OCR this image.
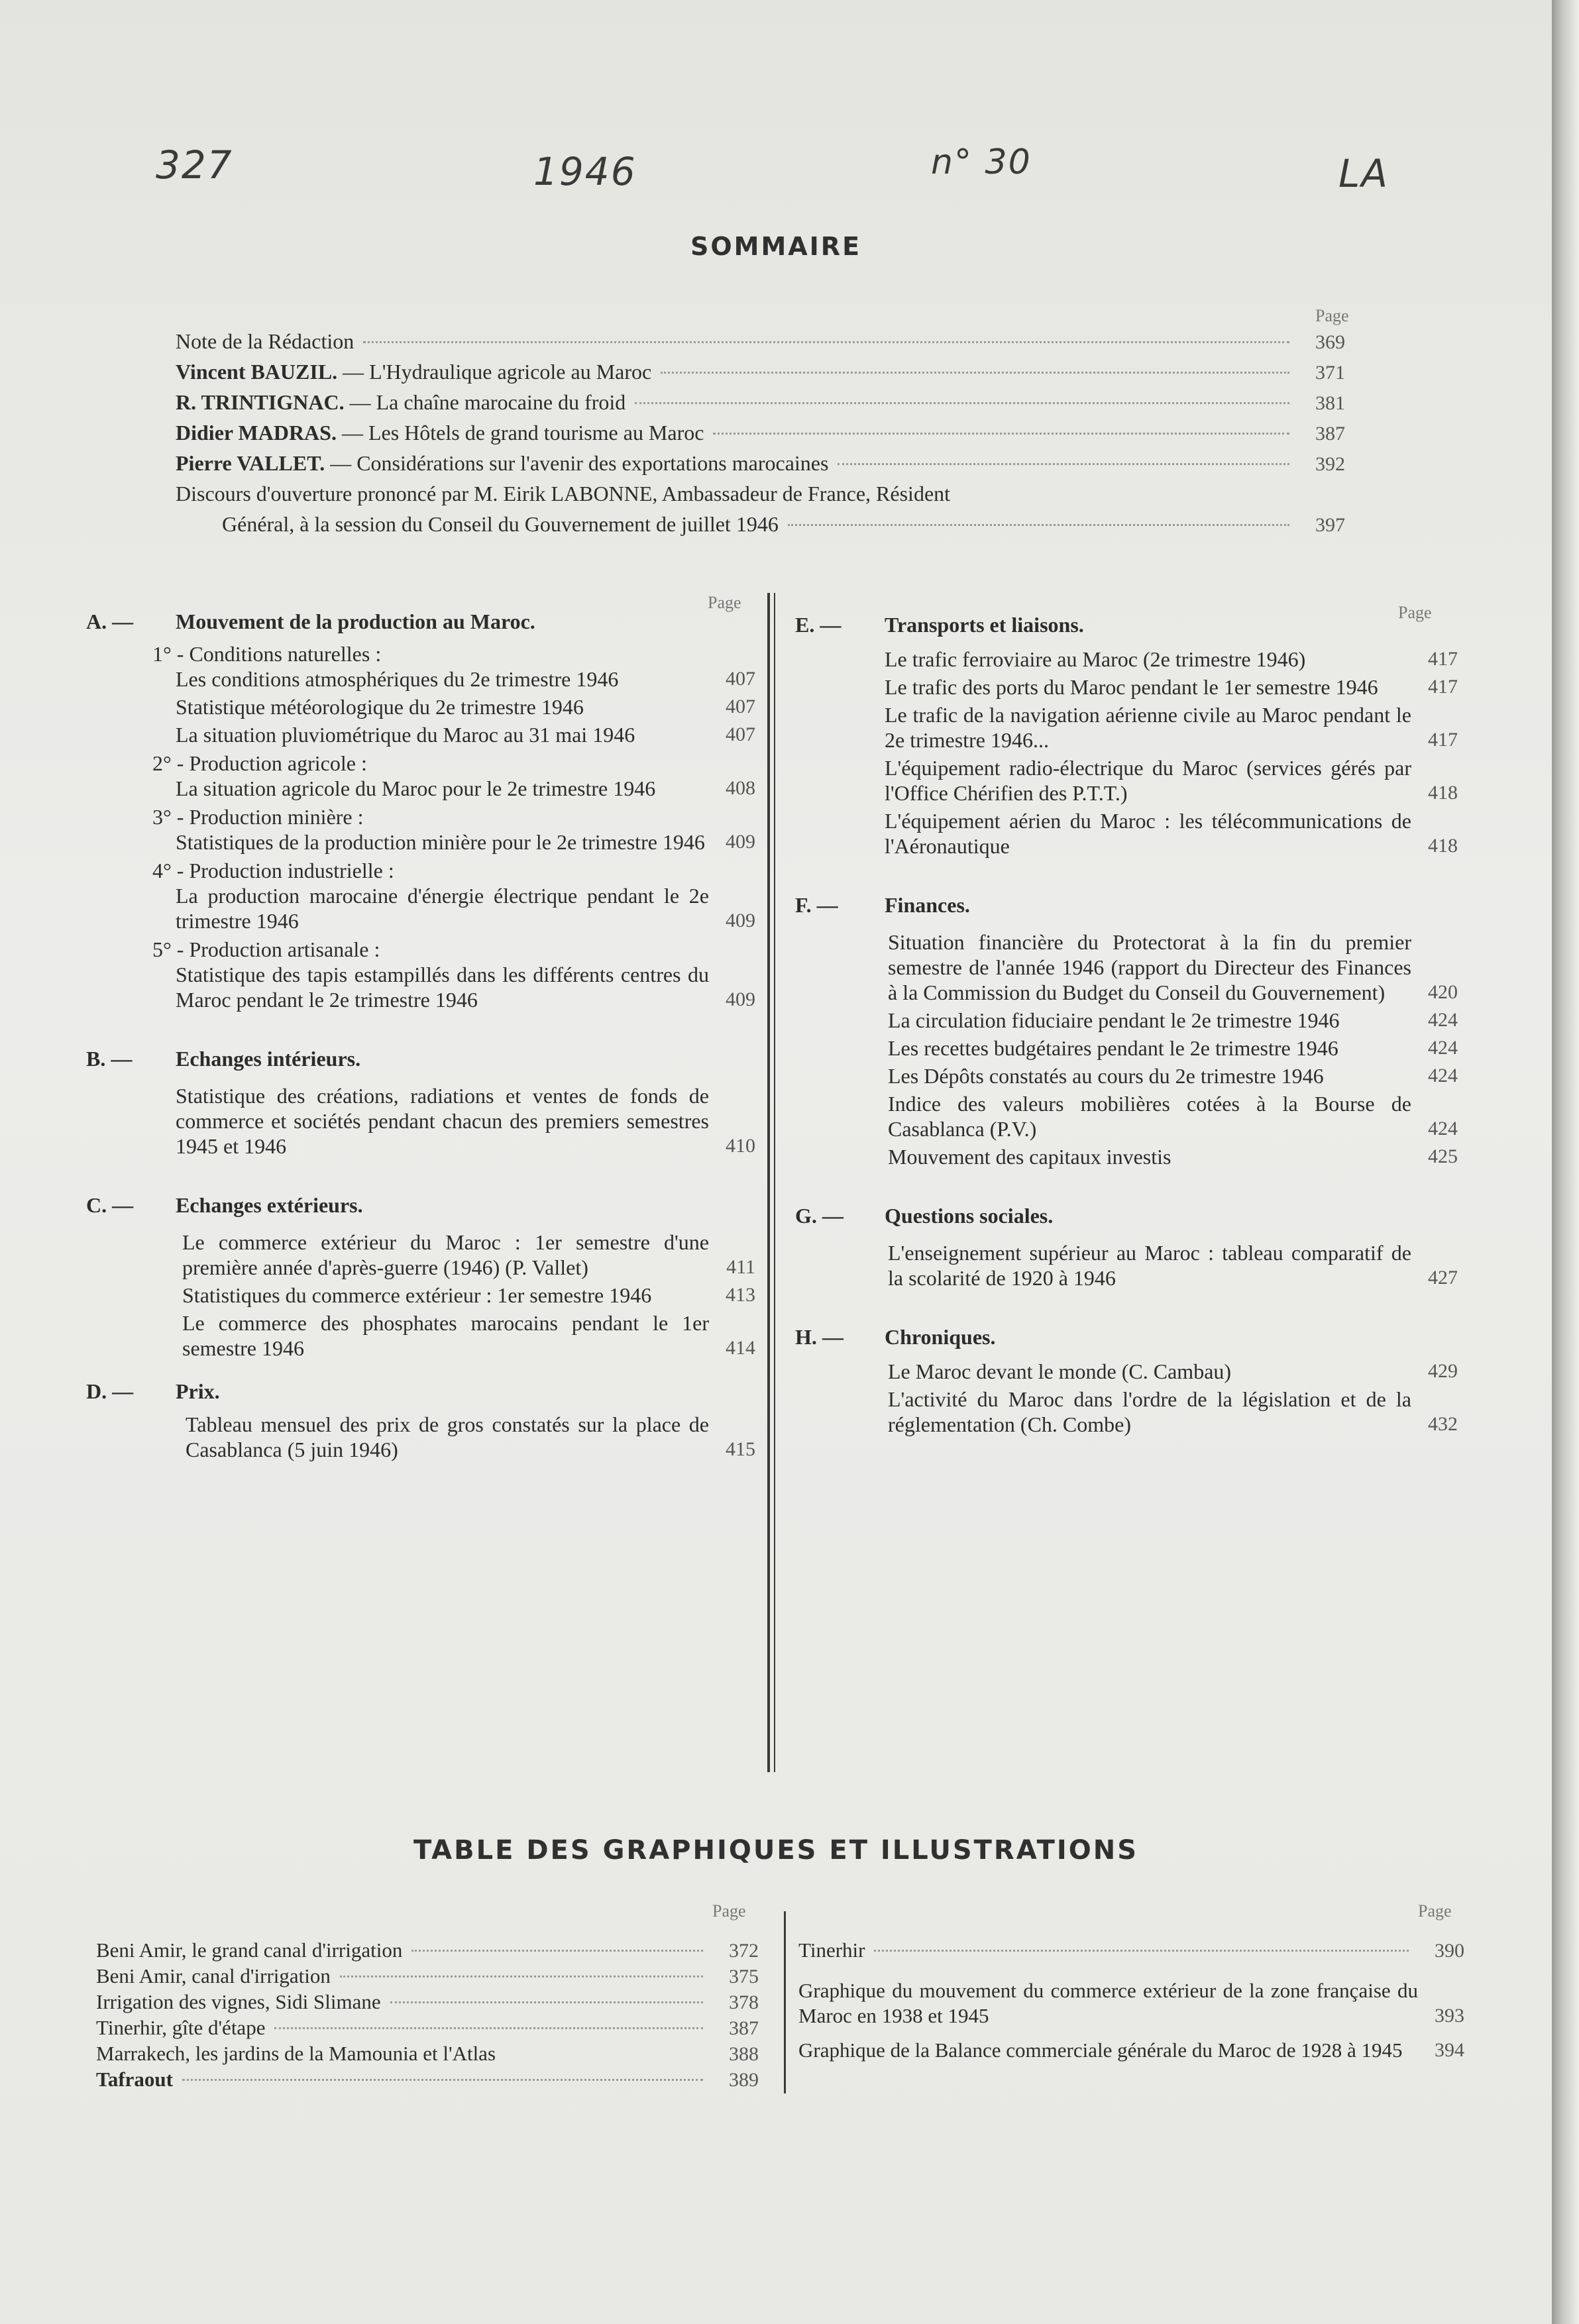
327	1946	n° 30	LA
SOMMAIRE
Page
Note de la Rédaction	369
Vincent BAUZIL. — L'Hydraulique agricole au Maroc	371
R. TRINTIGNAC. — La chaîne marocaine du froid	381
Didier MADRAS. — Les Hôtels de grand tourisme au Maroc	387
Pierre VALLET. — Considérations sur l'avenir des exportations marocaines	392
Discours d'ouverture prononcé par M. Eirik LABONNE, Ambassadeur de France, Résident
Général, à la session du Conseil du Gouvernement de juillet 1946	397
Page
Page
A. —	Mouvement de la production au Maroc.
1° - Conditions naturelles :
Les conditions atmosphériques du 2e trimestre 1946	407
Statistique météorologique du 2e trimestre 1946	407
La situation pluviométrique du Maroc au 31 mai 1946	407
2° - Production agricole :
La situation agricole du Maroc pour le 2e trimestre 1946	408
3° - Production minière :
Statistiques de la production minière pour le 2e trimestre 1946	409
4° - Production industrielle :
La production marocaine d'énergie électrique pendant le 2e trimestre 1946	409
5° - Production artisanale :
Statistique des tapis estampillés dans les différents centres du Maroc pendant le 2e trimestre 1946	409
B. —	Echanges intérieurs.
Statistique des créations, radiations et ventes de fonds de commerce et sociétés pendant chacun des premiers semestres 1945 et 1946	410
C. —	Echanges extérieurs.
Le commerce extérieur du Maroc : 1er semestre d'une première année d'après-guerre (1946) (P. Vallet)	411
Statistiques du commerce extérieur : 1er semestre 1946	413
Le commerce des phosphates marocains pendant le 1er semestre 1946	414
D. —	Prix.
Tableau mensuel des prix de gros constatés sur la place de Casablanca (5 juin 1946)	415
E. —	Transports et liaisons.
Le trafic ferroviaire au Maroc (2e trimestre 1946)	417
Le trafic des ports du Maroc pendant le 1er semestre 1946	417
Le trafic de la navigation aérienne civile au Maroc pendant le 2e trimestre 1946...	417
L'équipement radio-électrique du Maroc (services gérés par l'Office Chérifien des P.T.T.)	418
L'équipement aérien du Maroc : les télécommunications de l'Aéronautique	418
F. —	Finances.
Situation financière du Protectorat à la fin du premier semestre de l'année 1946 (rapport du Directeur des Finances à la Commission du Budget du Conseil du Gouvernement)	420
La circulation fiduciaire pendant le 2e trimestre 1946	424
Les recettes budgétaires pendant le 2e trimestre 1946	424
Les Dépôts constatés au cours du 2e trimestre 1946	424
Indice des valeurs mobilières cotées à la Bourse de Casablanca (P.V.)	424
Mouvement des capitaux investis	425
G. —	Questions sociales.
L'enseignement supérieur au Maroc : tableau comparatif de la scolarité de 1920 à 1946	427
H. —	Chroniques.
Le Maroc devant le monde (C. Cambau)	429
L'activité du Maroc dans l'ordre de la législation et de la réglementation (Ch. Combe)	432
TABLE DES GRAPHIQUES ET ILLUSTRATIONS
Page	Page
Beni Amir, le grand canal d'irrigation	372
Beni Amir, canal d'irrigation	375
Irrigation des vignes, Sidi Slimane	378
Tinerhir, gîte d'étape	387
Marrakech, les jardins de la Mamounia et l'Atlas	388
Tafraout	389
Tinerhir	390
Graphique du mouvement du commerce extérieur de la zone française du Maroc en 1938 et 1945	393
Graphique de la Balance commerciale générale du Maroc de 1928 à 1945	394
